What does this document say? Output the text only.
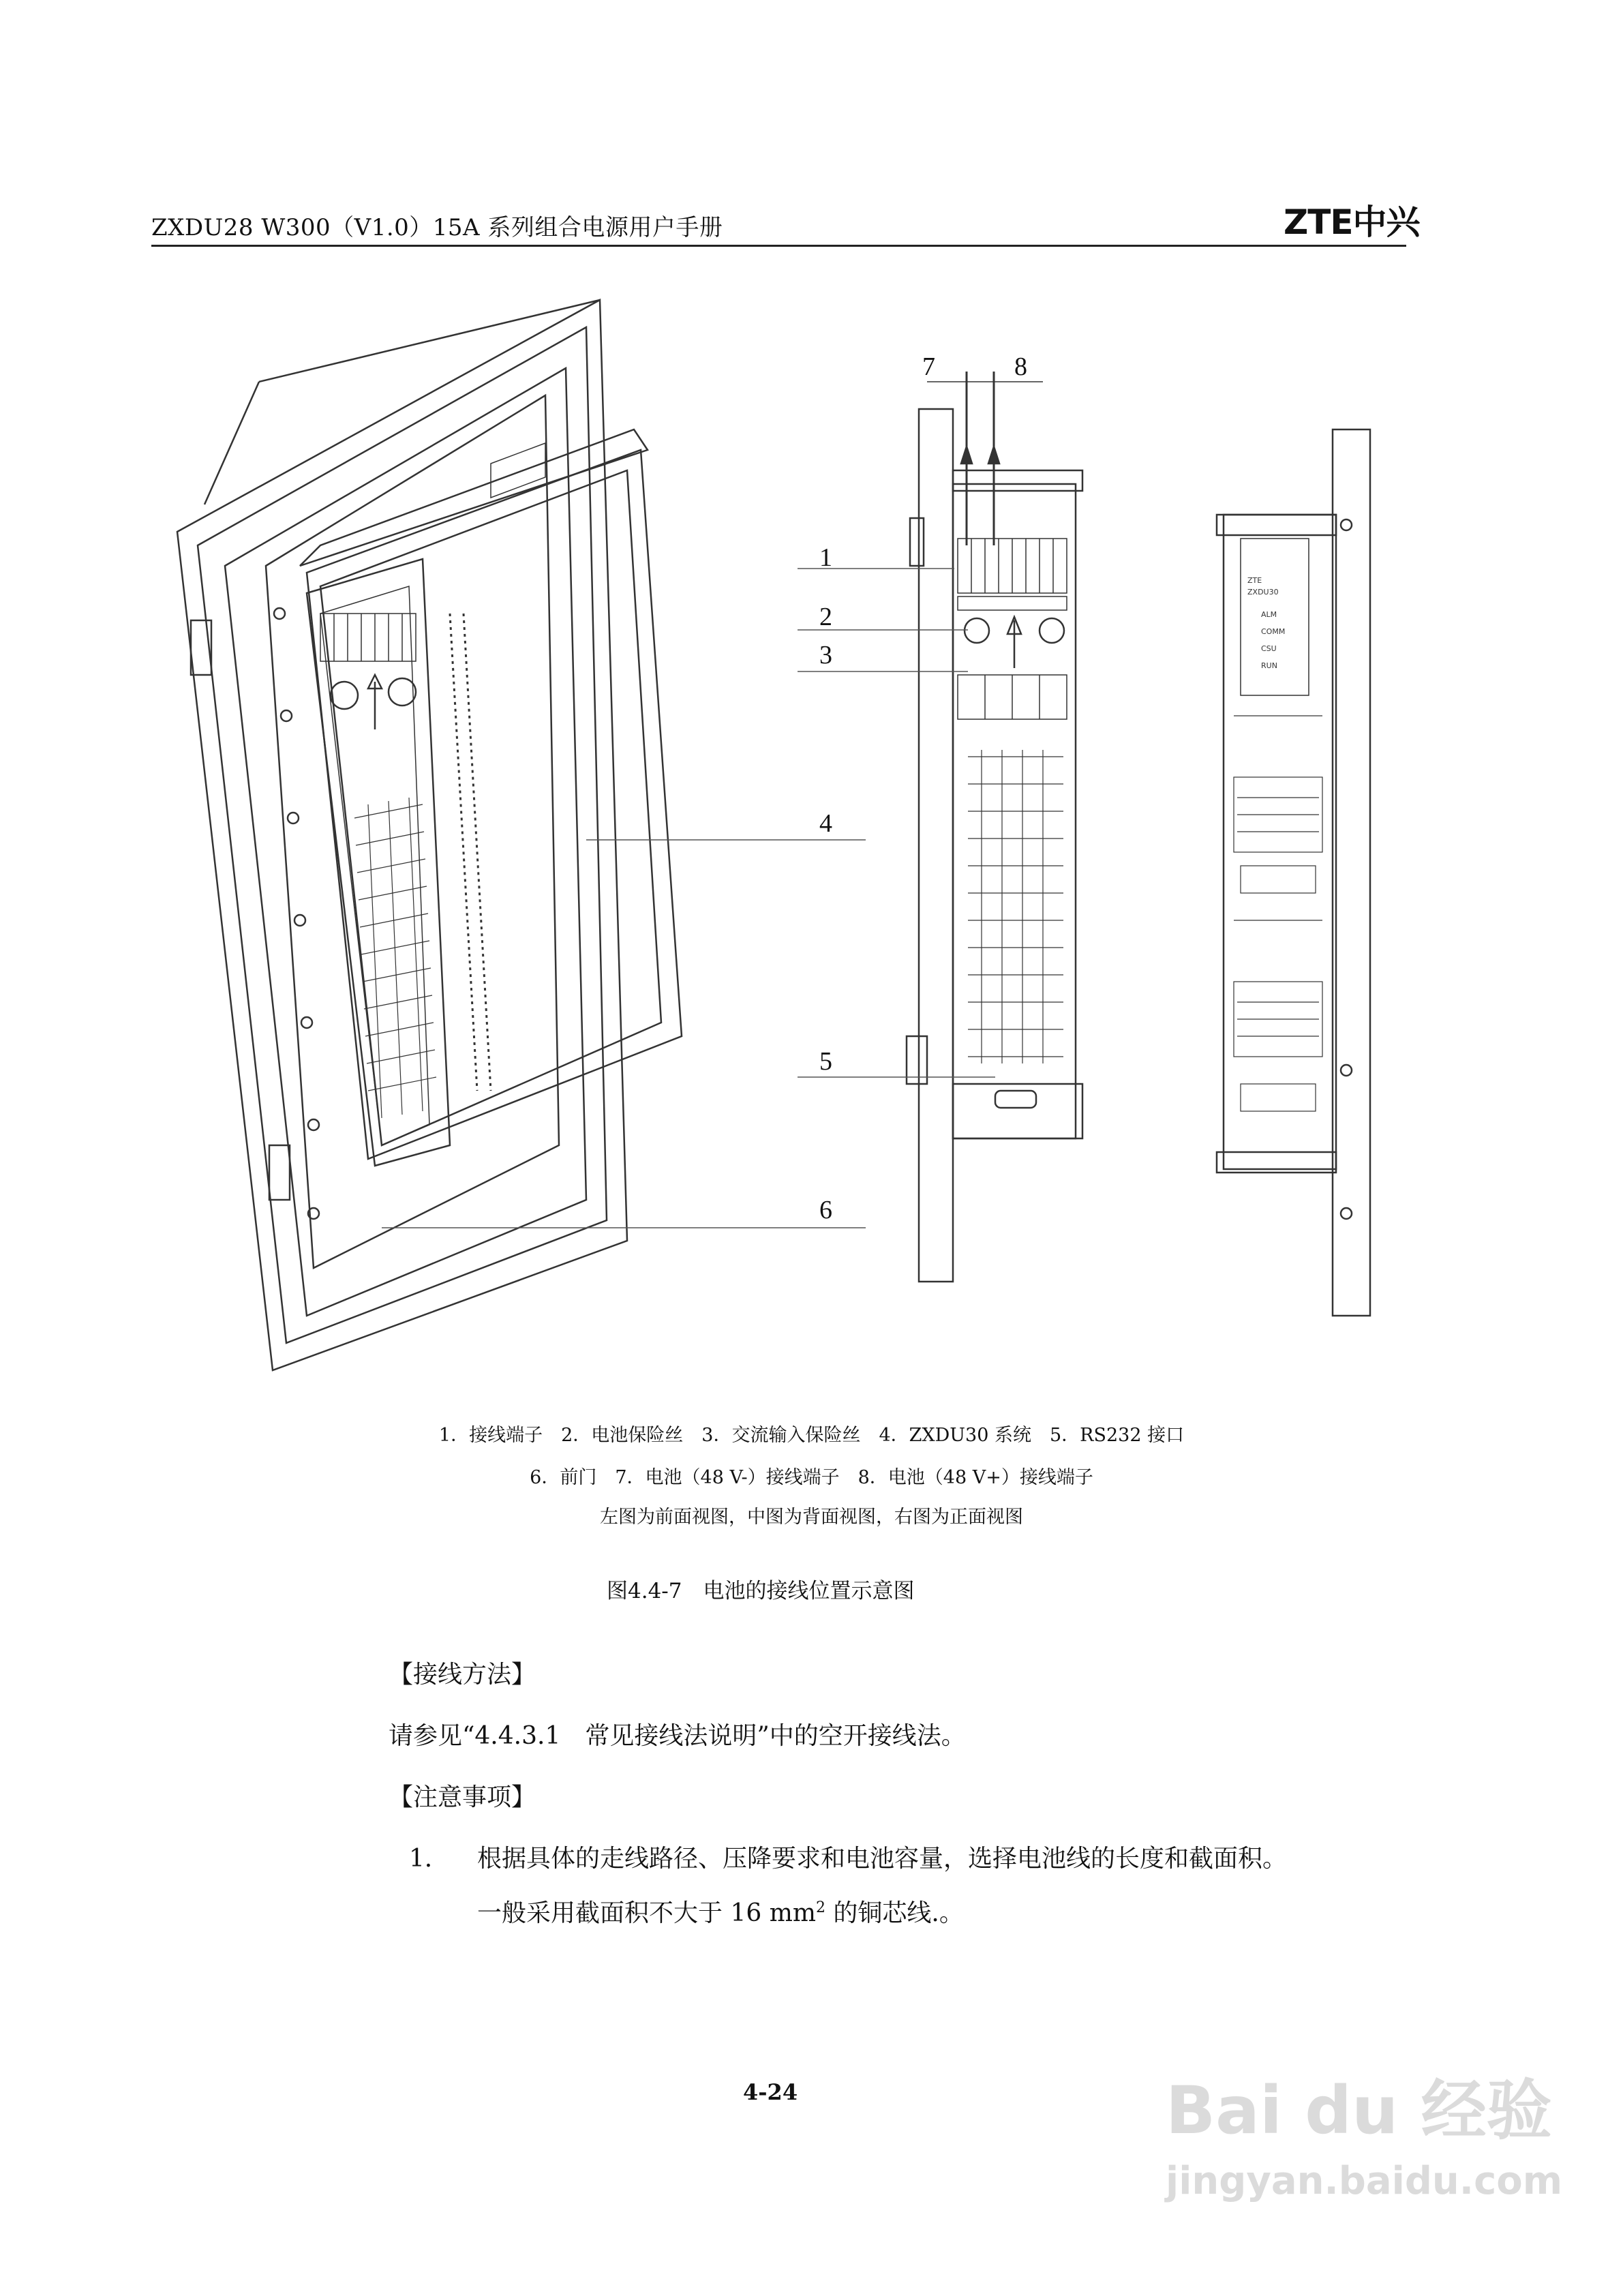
ZXDU28 W300（V1.0）15A 系列组合电源用户手册	ZTE中兴
ZTE
ZXDU30
ALM
COMM
CSU
RUN
7	8
1
2
3
4
5
6
1．接线端子　2．电池保险丝　3．交流输入保险丝　4．ZXDU30 系统　5．RS232 接口
6．前门　7．电池（48 V-）接线端子　8．电池（48 V+）接线端子
左图为前面视图，中图为背面视图，右图为正面视图
图4.4-7　电池的接线位置示意图
【接线方法】
请参见“4.4.3.1　常见接线法说明”中的空开接线法。
【注意事项】
1． 根据具体的走线路径、压降要求和电池容量，选择电池线的长度和截面积。
一般采用截面积不大于 16 $mm^2$ 的铜芯线.。
4-24	Bai du 经验
jingyan.baidu.com
